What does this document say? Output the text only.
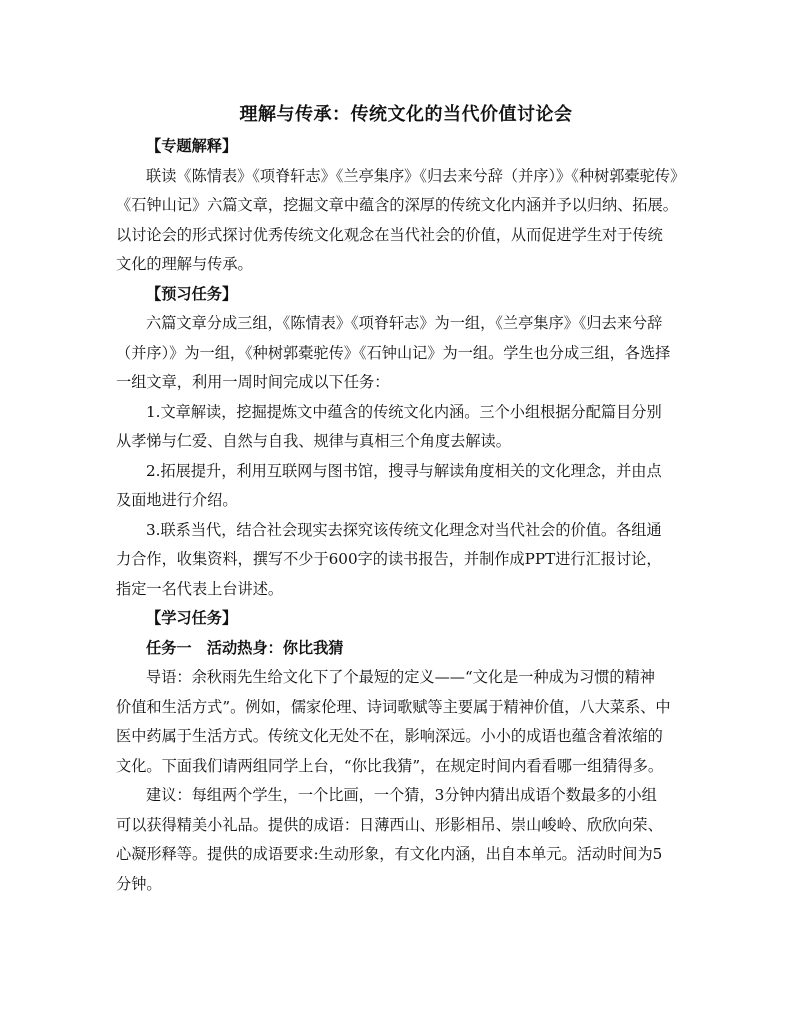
理解与传承：传统文化的当代价值讨论会
【专题解释】
联读《陈情表》《项脊轩志》《兰亭集序》《归去来兮辞（并序）》《种树郭橐驼传》
《石钟山记》六篇文章，挖掘文章中蕴含的深厚的传统文化内涵并予以归纳、拓展。
以讨论会的形式探讨优秀传统文化观念在当代社会的价值，从而促进学生对于传统
文化的理解与传承。
【预习任务】
六篇文章分成三组，《陈情表》《项脊轩志》为一组，《兰亭集序》《归去来兮辞
（并序）》为一组，《种树郭橐驼传》《石钟山记》为一组。学生也分成三组，各选择
一组文章，利用一周时间完成以下任务：
1.文章解读，挖掘提炼文中蕴含的传统文化内涵。三个小组根据分配篇目分别
从孝悌与仁爱、自然与自我、规律与真相三个角度去解读。
2.拓展提升，利用互联网与图书馆，搜寻与解读角度相关的文化理念，并由点
及面地进行介绍。
3.联系当代，结合社会现实去探究该传统文化理念对当代社会的价值。各组通
力合作，收集资料，撰写不少于600字的读书报告，并制作成PPT进行汇报讨论，
指定一名代表上台讲述。
【学习任务】
任务一　活动热身：你比我猜
导语：余秋雨先生给文化下了个最短的定义——“文化是一种成为习惯的精神
价值和生活方式”。例如，儒家伦理、诗词歌赋等主要属于精神价值，八大菜系、中
医中药属于生活方式。传统文化无处不在，影响深远。小小的成语也蕴含着浓缩的
文化。下面我们请两组同学上台，“你比我猜”，在规定时间内看看哪一组猜得多。
建议：每组两个学生，一个比画，一个猜，3分钟内猜出成语个数最多的小组
可以获得精美小礼品。提供的成语：日薄西山、形影相吊、崇山峻岭、欣欣向荣、
心凝形释等。提供的成语要求:生动形象，有文化内涵，出自本单元。活动时间为5
分钟。
